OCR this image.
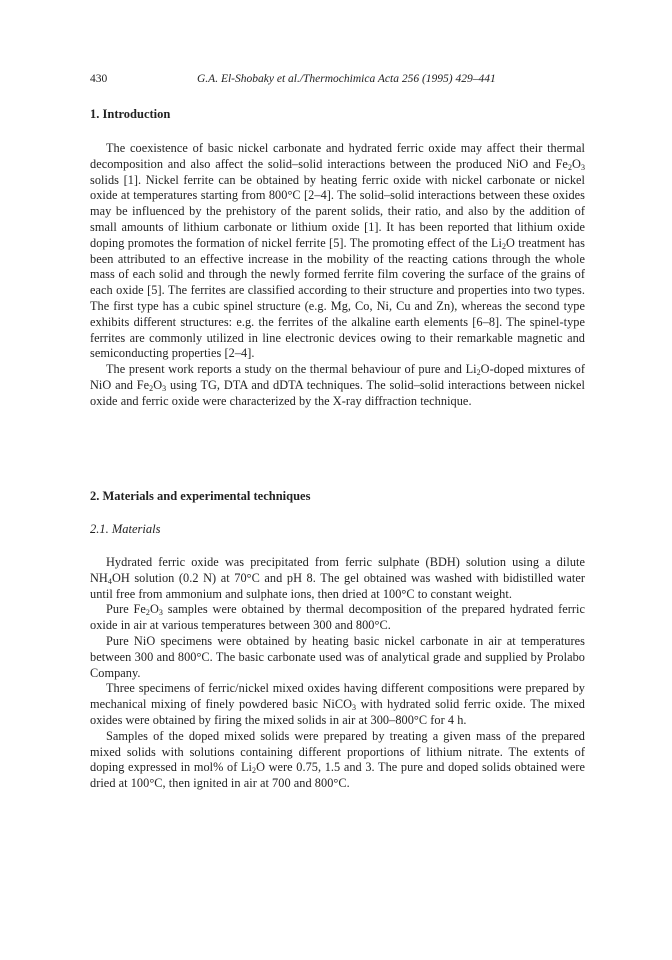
430	G.A. El-Shobaky et al./Thermochimica Acta 256 (1995) 429–441
1. Introduction

The coexistence of basic nickel carbonate and hydrated ferric oxide may affect their thermal decomposition and also affect the solid–solid interactions between the produced NiO and $Fe_2O_3$ solids [1]. Nickel ferrite can be obtained by heating ferric oxide with nickel carbonate or nickel oxide at temperatures starting from 800°C [2–4]. The solid–solid interactions between these oxides may be influenced by the prehistory of the parent solids, their ratio, and also by the addition of small amounts of lithium carbonate or lithium oxide [1]. It has been reported that lithium oxide doping promotes the formation of nickel ferrite [5]. The promoting effect of the $Li_2O$ treatment has been attributed to an effective increase in the mobility of the reacting cations through the whole mass of each solid and through the newly formed ferrite film covering the surface of the grains of each oxide [5]. The ferrites are classified according to their structure and properties into two types. The first type has a cubic spinel structure (e.g. Mg, Co, Ni, Cu and Zn), whereas the second type exhibits different structures: e.g. the ferrites of the alkaline earth elements [6–8]. The spinel-type ferrites are commonly utilized in line electronic devices owing to their remarkable magnetic and semiconducting properties [2–4].

The present work reports a study on the thermal behaviour of pure and $Li_2O$-doped mixtures of NiO and $Fe_2O_3$ using TG, DTA and dDTA techniques. The solid–solid interactions between nickel oxide and ferric oxide were characterized by the X-ray diffraction technique.

2. Materials and experimental techniques
2.1. Materials

Hydrated ferric oxide was precipitated from ferric sulphate (BDH) solution using a dilute $NH_4OH$ solution (0.2 N) at 70°C and pH 8. The gel obtained was washed with bidistilled water until free from ammonium and sulphate ions, then dried at 100°C to constant weight.

Pure $Fe_2O_3$ samples were obtained by thermal decomposition of the prepared hydrated ferric oxide in air at various temperatures between 300 and 800°C.

Pure NiO specimens were obtained by heating basic nickel carbonate in air at temperatures between 300 and 800°C. The basic carbonate used was of analytical grade and supplied by Prolabo Company.

Three specimens of ferric/nickel mixed oxides having different compositions were prepared by mechanical mixing of finely powdered basic NiCO$_3$ with hydrated solid ferric oxide. The mixed oxides were obtained by firing the mixed solids in air at 300–800°C for 4 h.

Samples of the doped mixed solids were prepared by treating a given mass of the prepared mixed solids with solutions containing different proportions of lithium nitrate. The extents of doping expressed in mol% of $Li_2O$ were 0.75, 1.5 and 3. The pure and doped solids obtained were dried at 100°C, then ignited in air at 700 and 800°C.
